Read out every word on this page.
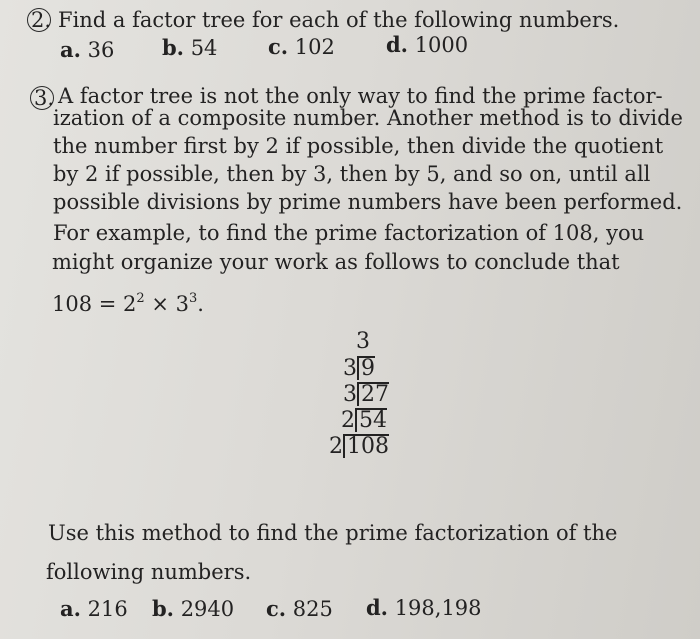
2. Find a factor tree for each of the following numbers.
a. 36 b. 54 c. 102 d. 1000
3. A factor tree is not the only way to find the prime factor-
ization of a composite number. Another method is to divide
the number first by 2 if possible, then divide the quotient
by 2 if possible, then by 3, then by 5, and so on, until all
possible divisions by prime numbers have been performed.
For example, to find the prime factorization of 108, you
might organize your work as follows to conclude that
$108 = 2^2 \times 3^3$.
3
3 9
3 27
2 54
2 108
Use this method to find the prime factorization of the
following numbers.
a. 216 b. 2940 c. 825 d. 198,198
